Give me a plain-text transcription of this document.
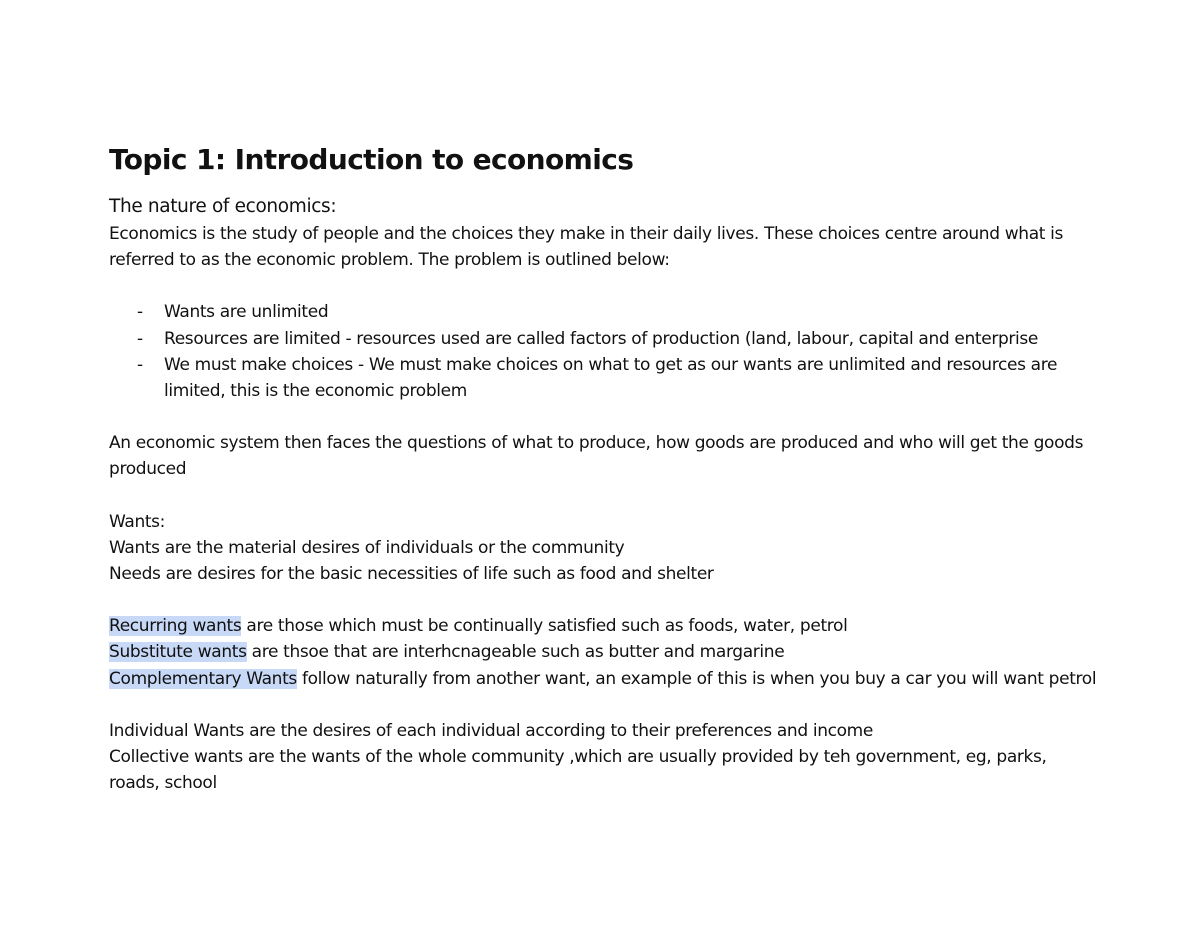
Topic 1: Introduction to economics
The nature of economics:

Economics is the study of people and the choices they make in their daily lives. These choices centre around what is referred to as the economic problem. The problem is outlined below:

- Wants are unlimited
- Resources are limited - resources used are called factors of production (land, labour, capital and enterprise
- We must make choices - We must make choices on what to get as our wants are unlimited and resources are limited, this is the economic problem

An economic system then faces the questions of what to produce, how goods are produced and who will get the goods produced

Wants:

Wants are the material desires of individuals or the community

Needs are desires for the basic necessities of life such as food and shelter

Recurring wants are those which must be continually satisfied such as foods, water, petrol

Substitute wants are thsoe that are interhcnageable such as butter and margarine

Complementary Wants follow naturally from another want, an example of this is when you buy a car you will want petrol

Individual Wants are the desires of each individual according to their preferences and income

Collective wants are the wants of the whole community ,which are usually provided by teh government, eg, parks, roads, school
